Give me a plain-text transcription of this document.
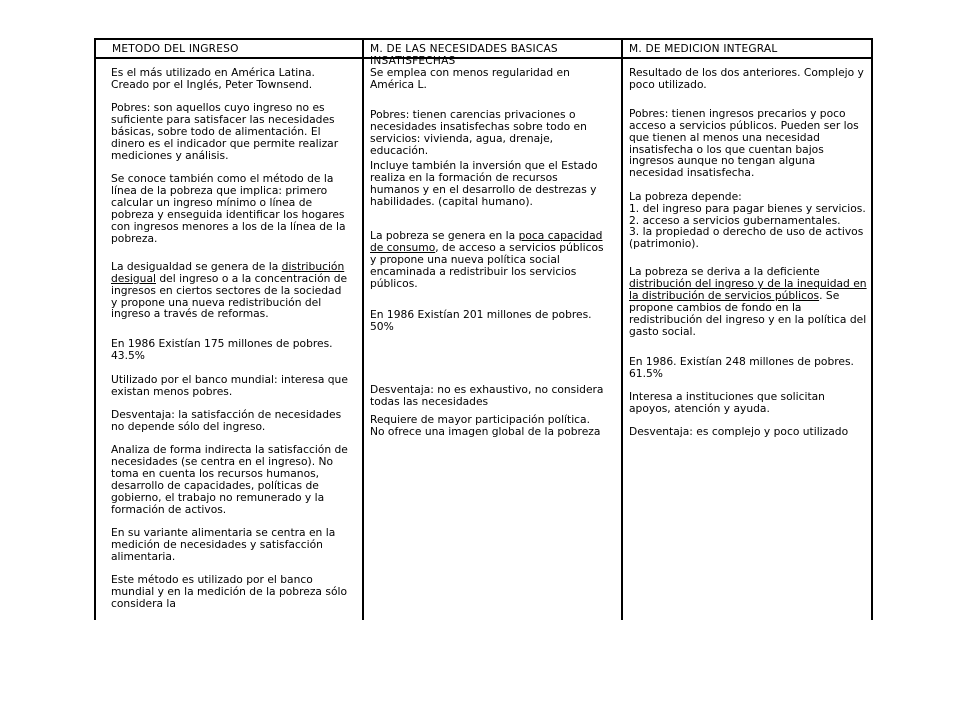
METODO DEL INGRESO	M. DE LAS NECESIDADES BASICAS INSATISFECHAS
M. DE MEDICION INTEGRAL

Es el más utilizado en América Latina. Creado por el Inglés, Peter Townsend.

Pobres: son aquellos cuyo ingreso no es suficiente para satisfacer las necesidades básicas, sobre todo de alimentación. El dinero es el indicador que permite realizar mediciones y análisis.

Se conoce también como el método de la línea de la pobreza que implica: primero calcular un ingreso mínimo o línea de pobreza y enseguida identificar los hogares con ingresos menores a los de la línea de la pobreza.

La desigualdad se genera de la distribución desigual del ingreso o a la concentración de ingresos en ciertos sectores de la sociedad y propone una nueva redistribución del ingreso a través de reformas.

En 1986 Existían 175 millones de pobres. 43.5%

Utilizado por el banco mundial: interesa que existan menos pobres.

Desventaja: la satisfacción de necesidades no depende sólo del ingreso.

Analiza de forma indirecta la satisfacción de necesidades (se centra en el ingreso). No toma en cuenta los recursos humanos, desarrollo de capacidades, políticas de gobierno, el trabajo no remunerado y la formación de activos.

En su variante alimentaria se centra en la medición de necesidades y satisfacción alimentaria.

Este método es utilizado por el banco mundial y en la medición de la pobreza sólo considera la

Se emplea con menos regularidad en América L.

Pobres: tienen carencias privaciones o necesidades insatisfechas sobre todo en servicios: vivienda, agua, drenaje, educación.

Incluye también la inversión que el Estado realiza en la formación de recursos humanos y en el desarrollo de destrezas y habilidades. (capital humano).

La pobreza se genera en la poca capacidad de consumo, de acceso a servicios públicos y propone una nueva política social encaminada a redistribuir los servicios públicos.

En 1986 Existían 201 millones de pobres. 50%

Desventaja: no es exhaustivo, no considera todas las necesidades

Requiere de mayor participación política.

No ofrece una imagen global de la pobreza

Resultado de los dos anteriores. Complejo y poco utilizado.

Pobres: tienen ingresos precarios y poco acceso a servicios públicos. Pueden ser los que tienen al menos una necesidad insatisfecha o los que cuentan bajos ingresos aunque no tengan alguna necesidad insatisfecha.

La pobreza depende:
1. del ingreso para pagar bienes y servicios.
2. acceso a servicios gubernamentales.
3. la propiedad o derecho de uso de activos (patrimonio).

La pobreza se deriva a la deficiente distribución del ingreso y de la inequidad en la distribución de servicios públicos. Se propone cambios de fondo en la redistribución del ingreso y en la política del gasto social.

En 1986. Existían 248 millones de pobres. 61.5%

Interesa a instituciones que solicitan apoyos, atención y ayuda.

Desventaja: es complejo y poco utilizado
